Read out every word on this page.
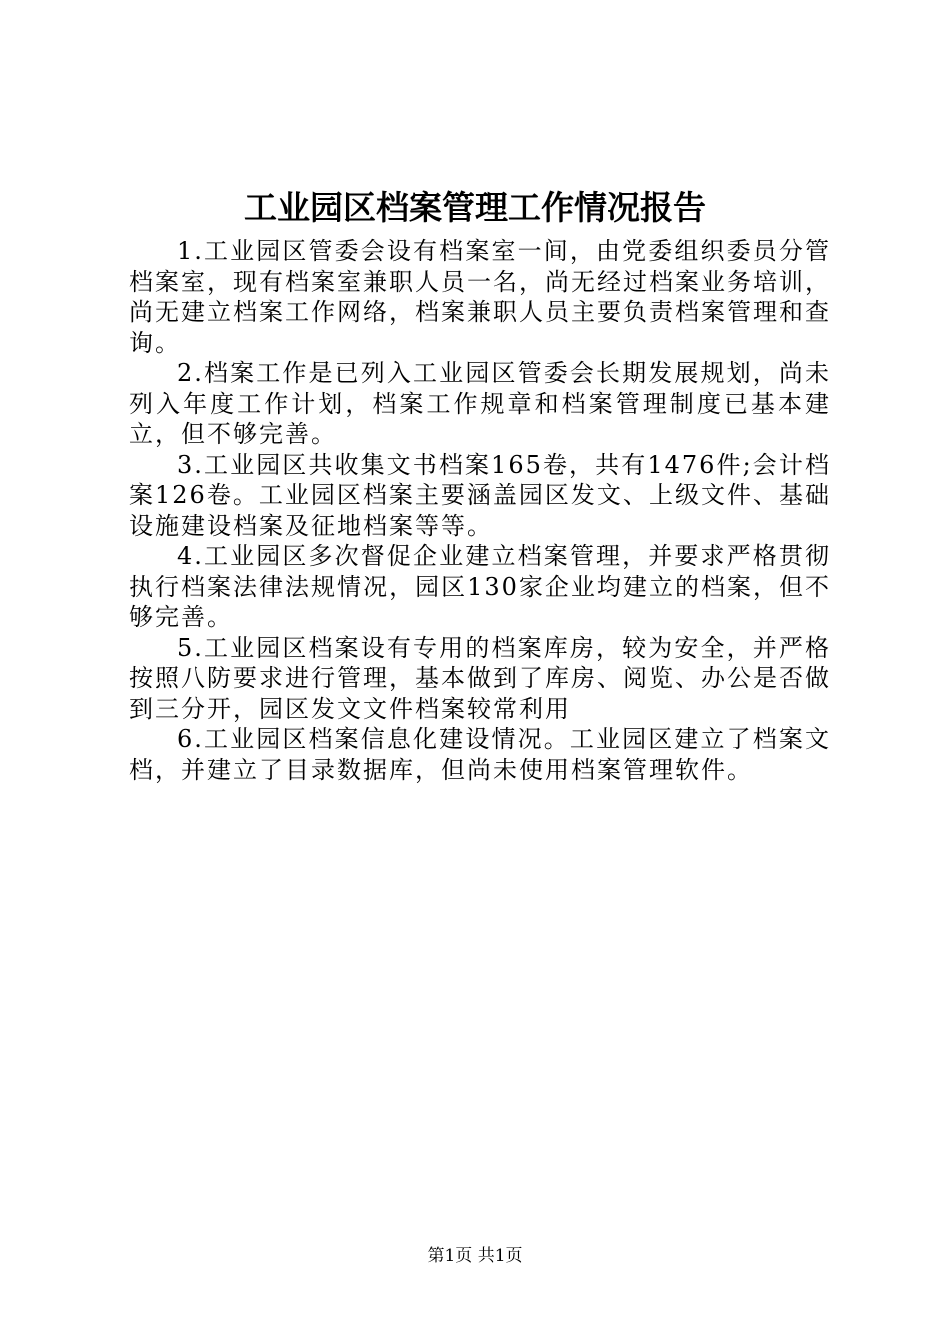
工业园区档案管理工作情况报告

1.工业园区管委会设有档案室一间，由党委组织委员分管档案室，现有档案室兼职人员一名，尚无经过档案业务培训，尚无建立档案工作网络，档案兼职人员主要负责档案管理和查询。

2.档案工作是已列入工业园区管委会长期发展规划，尚未列入年度工作计划，档案工作规章和档案管理制度已基本建立，但不够完善。

3.工业园区共收集文书档案165卷，共有1476件;会计档案126卷。工业园区档案主要涵盖园区发文、上级文件、基础设施建设档案及征地档案等等。

4.工业园区多次督促企业建立档案管理，并要求严格贯彻执行档案法律法规情况，园区130家企业均建立的档案，但不够完善。

5.工业园区档案设有专用的档案库房，较为安全，并严格按照八防要求进行管理，基本做到了库房、阅览、办公是否做到三分开，园区发文文件档案较常利用

6.工业园区档案信息化建设情况。工业园区建立了档案文档，并建立了目录数据库，但尚未使用档案管理软件。

第1页 共1页
